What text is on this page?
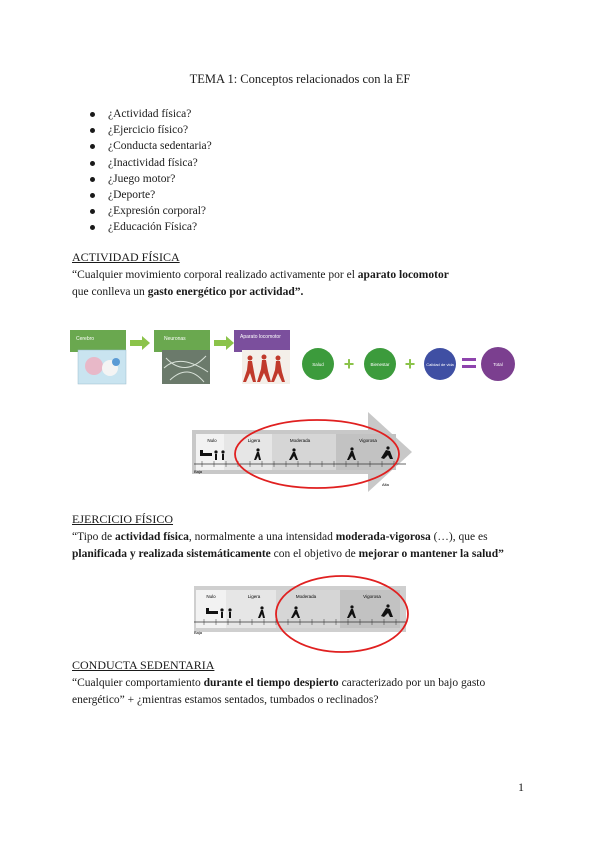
TEMA 1: Conceptos relacionados con la EF
¿Actividad física?
¿Ejercicio físico?
¿Conducta sedentaria?
¿Inactividad física?
¿Juego motor?
¿Deporte?
¿Expresión corporal?
¿Educación Física?
ACTIVIDAD FÍSICA
“Cualquier movimiento corporal realizado activamente por el aparato locomotor
que conlleva un gasto energético por actividad”.
Cerebro	Neuronas	Aparato locomotor
Salud +	Bienestar +	Calidad de vida	Total
Nulo	Ligera	Moderada	Vigorosa
Baja
Alta
EJERCICIO FÍSICO
“Tipo de actividad física, normalmente a una intensidad moderada-vigorosa (…), que es
planificada y realizada sistemáticamente con el objetivo de mejorar o mantener la salud”
Nulo	Ligera	Moderada	Vigorosa
Baja
CONDUCTA SEDENTARIA
“Cualquier comportamiento durante el tiempo despierto caracterizado por un bajo gasto
energético” + ¿mientras estamos sentados, tumbados o reclinados?
1
